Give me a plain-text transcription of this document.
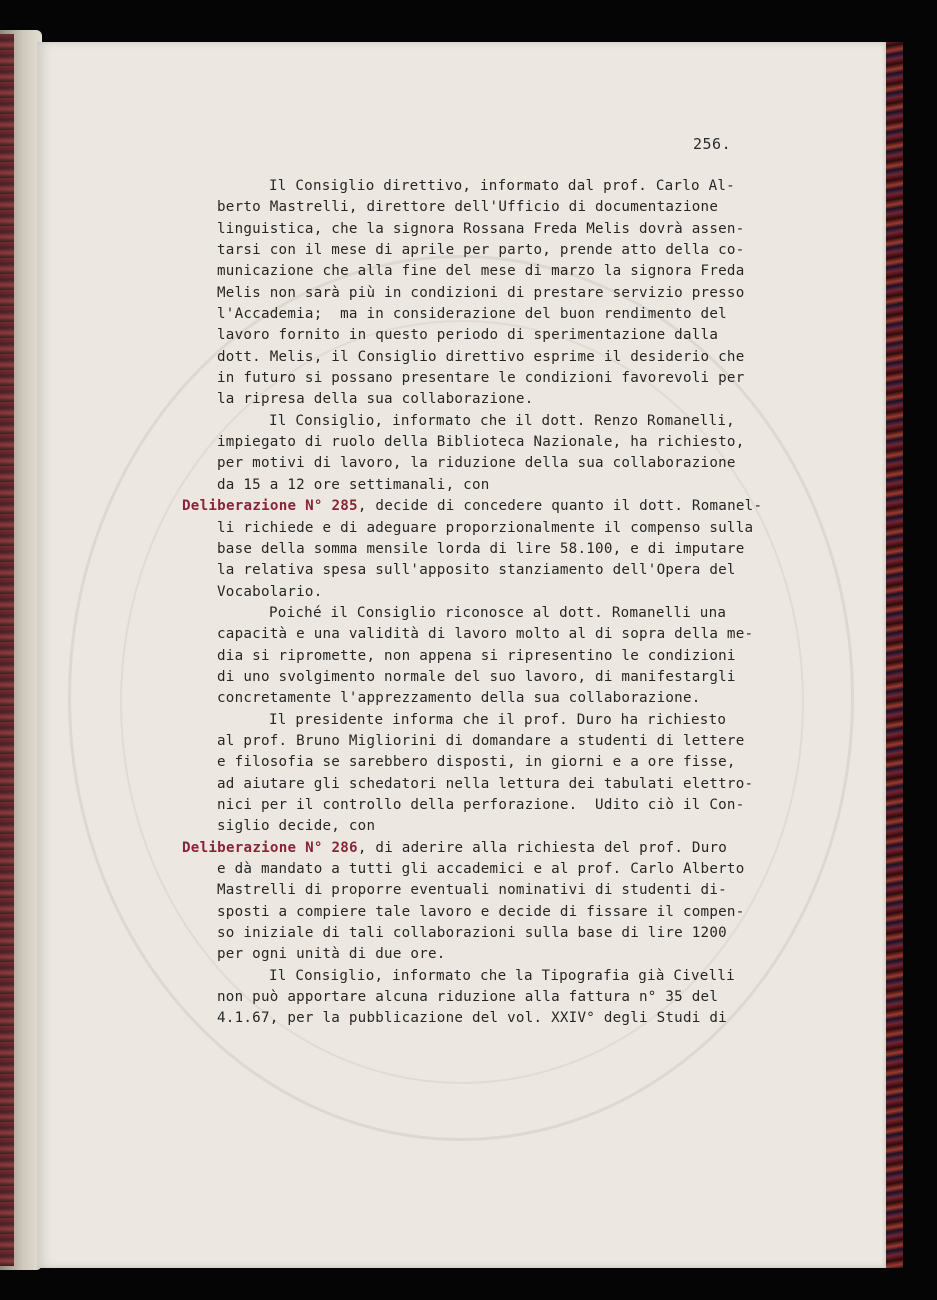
256.

Il Consiglio direttivo, informato dal prof. Carlo Al-
berto Mastrelli, direttore dell'Ufficio di documentazione
linguistica, che la signora Rossana Freda Melis dovrà assen-
tarsi con il mese di aprile per parto, prende atto della co-
municazione che alla fine del mese di marzo la signora Freda
Melis non sarà più in condizioni di prestare servizio presso
l'Accademia;  ma in considerazione del buon rendimento del
lavoro fornito in questo periodo di sperimentazione dalla
dott. Melis, il Consiglio direttivo esprime il desiderio che
in futuro si possano presentare le condizioni favorevoli per
la ripresa della sua collaborazione.
Il Consiglio, informato che il dott. Renzo Romanelli,
impiegato di ruolo della Biblioteca Nazionale, ha richiesto,
per motivi di lavoro, la riduzione della sua collaborazione
da 15 a 12 ore settimanali, con
Deliberazione N° 285, decide di concedere quanto il dott. Romanel-
li richiede e di adeguare proporzionalmente il compenso sulla
base della somma mensile lorda di lire 58.100, e di imputare
la relativa spesa sull'apposito stanziamento dell'Opera del
Vocabolario.
Poiché il Consiglio riconosce al dott. Romanelli una
capacità e una validità di lavoro molto al di sopra della me-
dia si ripromette, non appena si ripresentino le condizioni
di uno svolgimento normale del suo lavoro, di manifestargli
concretamente l'apprezzamento della sua collaborazione.
Il presidente informa che il prof. Duro ha richiesto
al prof. Bruno Migliorini di domandare a studenti di lettere
e filosofia se sarebbero disposti, in giorni e a ore fisse,
ad aiutare gli schedatori nella lettura dei tabulati elettro-
nici per il controllo della perforazione.  Udito ciò il Con-
siglio decide, con
Deliberazione N° 286, di aderire alla richiesta del prof. Duro
e dà mandato a tutti gli accademici e al prof. Carlo Alberto
Mastrelli di proporre eventuali nominativi di studenti di-
sposti a compiere tale lavoro e decide di fissare il compen-
so iniziale di tali collaborazioni sulla base di lire 1200
per ogni unità di due ore.
Il Consiglio, informato che la Tipografia già Civelli
non può apportare alcuna riduzione alla fattura n° 35 del
4.1.67, per la pubblicazione del vol. XXIV° degli Studi di
